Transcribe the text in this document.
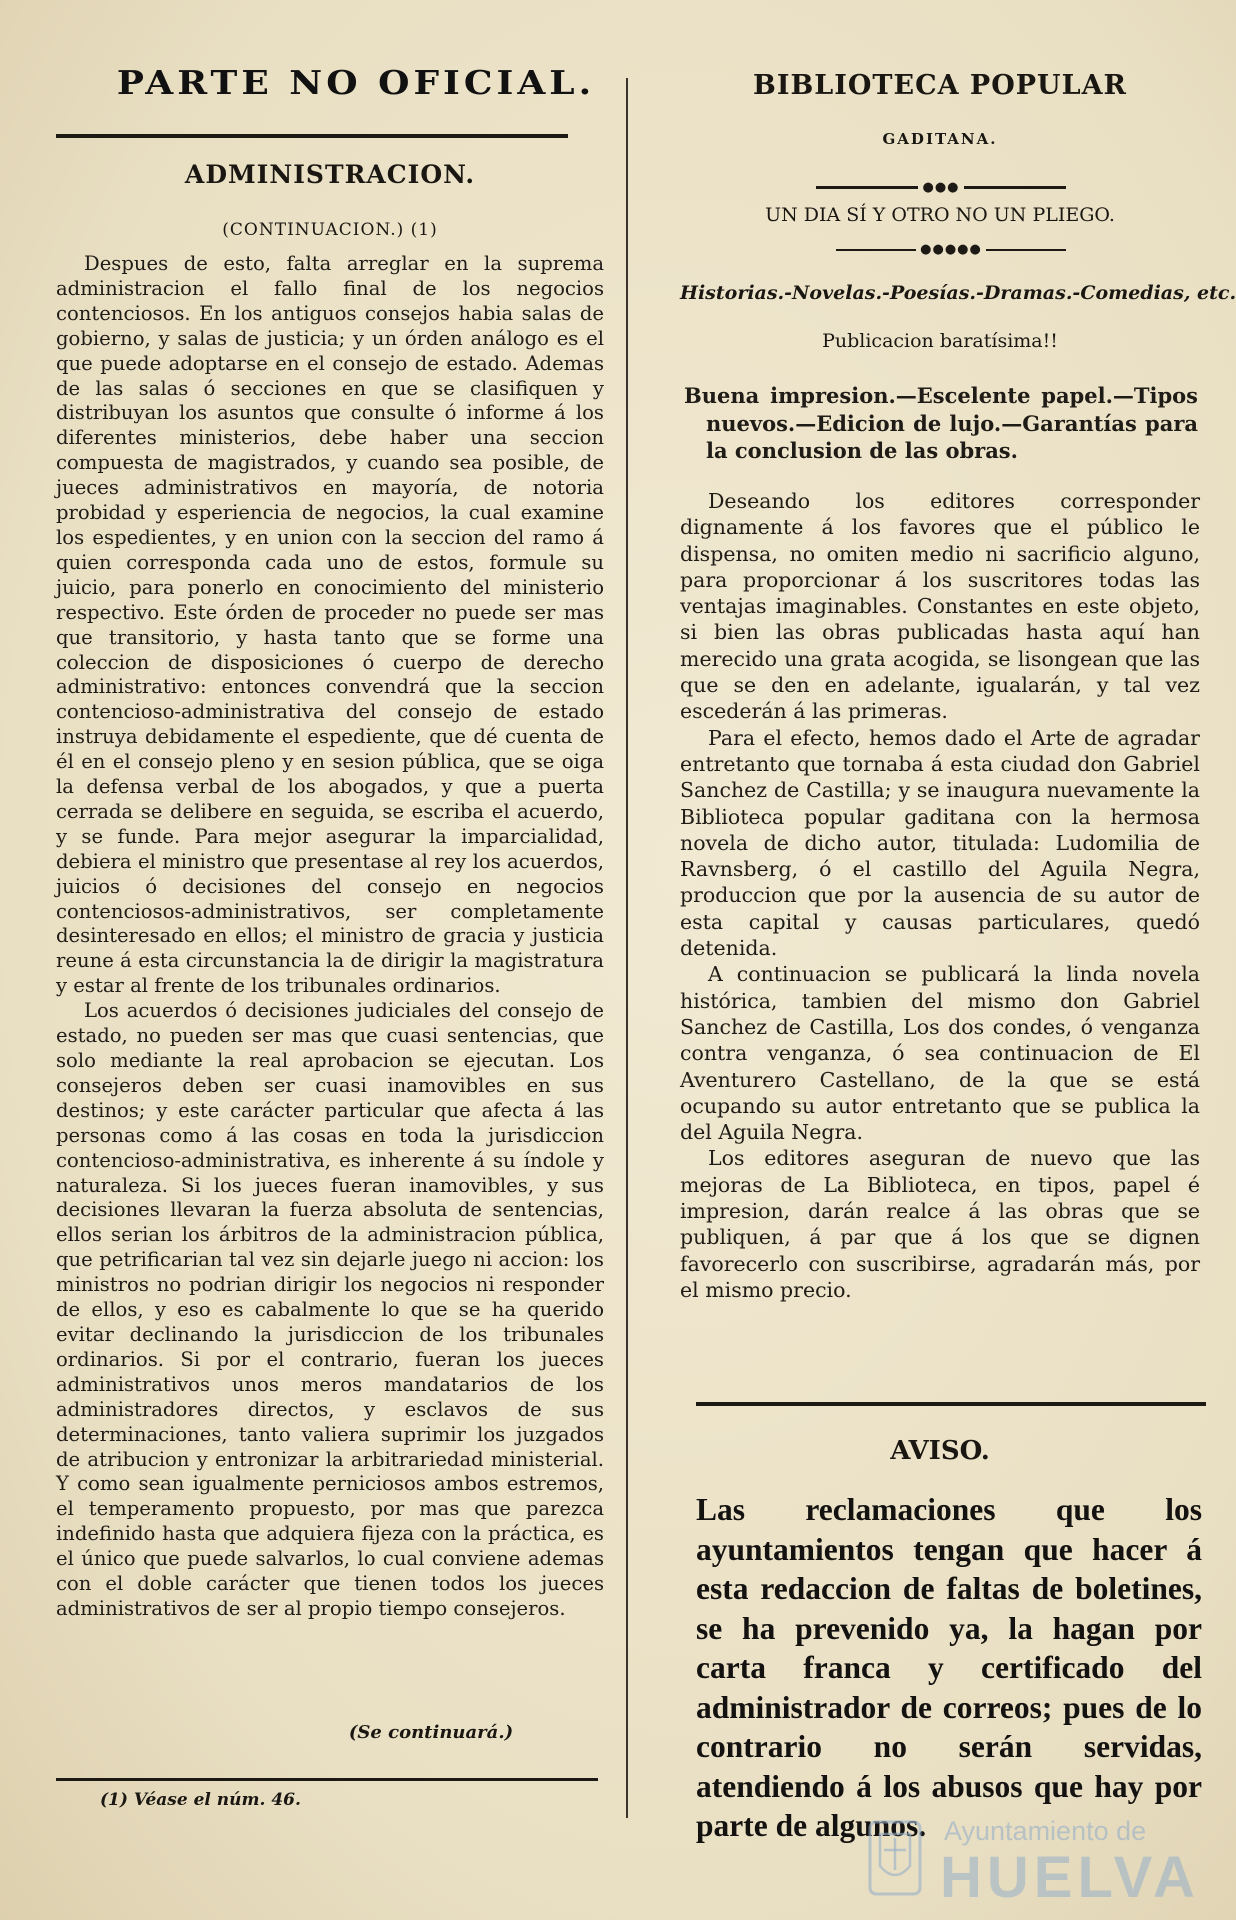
PARTE NO OFICIAL.
ADMINISTRACION.
(CONTINUACION.) (1)

Despues de esto, falta arreglar en la suprema administracion el fallo final de los negocios contenciosos. En los antiguos consejos habia salas de gobierno, y salas de justicia; y un órden análogo es el que puede adoptarse en el consejo de estado. Ademas de las salas ó secciones en que se clasifiquen y distribuyan los asuntos que consulte ó informe á los diferentes ministerios, debe haber una seccion compuesta de magistrados, y cuando sea posible, de jueces administrativos en mayoría, de notoria probidad y esperiencia de negocios, la cual examine los espedientes, y en union con la seccion del ramo á quien corresponda cada uno de estos, formule su juicio, para ponerlo en conocimiento del ministerio respectivo. Este órden de proceder no puede ser mas que transitorio, y hasta tanto que se forme una coleccion de disposiciones ó cuerpo de derecho administrativo: entonces convendrá que la seccion contencioso-administrativa del consejo de estado instruya debidamente el espediente, que dé cuenta de él en el consejo pleno y en sesion pública, que se oiga la defensa verbal de los abogados, y que a puerta cerrada se delibere en seguida, se escriba el acuerdo, y se funde. Para mejor asegurar la imparcialidad, debiera el ministro que presentase al rey los acuerdos, juicios ó decisiones del consejo en negocios contenciosos-administrativos, ser completamente desinteresado en ellos; el ministro de gracia y justicia reune á esta circunstancia la de dirigir la magistratura y estar al frente de los tribunales ordinarios.

Los acuerdos ó decisiones judiciales del consejo de estado, no pueden ser mas que cuasi sentencias, que solo mediante la real aprobacion se ejecutan. Los consejeros deben ser cuasi inamovibles en sus destinos; y este carácter particular que afecta á las personas como á las cosas en toda la jurisdiccion contencioso-administrativa, es inherente á su índole y naturaleza. Si los jueces fueran inamovibles, y sus decisiones llevaran la fuerza absoluta de sentencias, ellos serian los árbitros de la administracion pública, que petrificarian tal vez sin dejarle juego ni accion: los ministros no podrian dirigir los negocios ni responder de ellos, y eso es cabalmente lo que se ha querido evitar declinando la jurisdiccion de los tribunales ordinarios. Si por el contrario, fueran los jueces administrativos unos meros mandatarios de los administradores directos, y esclavos de sus determinaciones, tanto valiera suprimir los juzgados de atribucion y entronizar la arbitrariedad ministerial. Y como sean igualmente perniciosos ambos estremos, el temperamento propuesto, por mas que parezca indefinido hasta que adquiera fijeza con la práctica, es el único que puede salvarlos, lo cual conviene ademas con el doble carácter que tienen todos los jueces administrativos de ser al propio tiempo consejeros.

(Se continuará.)
(1) Véase el núm. 46.
BIBLIOTECA POPULAR
GADITANA.
●●●
UN DIA SÍ Y OTRO NO UN PLIEGO.
●●●●●
Historias.-Novelas.-Poesías.-Dramas.-Comedias, etc.
Publicacion baratísima!!
Buena impresion.—Escelente papel.—Tipos nuevos.—Edicion de lujo.—Garantías para la conclusion de las obras.

Deseando los editores corresponder dignamente á los favores que el público le dispensa, no omiten medio ni sacrificio alguno, para proporcionar á los suscritores todas las ventajas imaginables. Constantes en este objeto, si bien las obras publicadas hasta aquí han merecido una grata acogida, se lisongean que las que se den en adelante, igualarán, y tal vez escederán á las primeras.

Para el efecto, hemos dado el Arte de agradar entretanto que tornaba á esta ciudad don Gabriel Sanchez de Castilla; y se inaugura nuevamente la Biblioteca popular gaditana con la hermosa novela de dicho autor, titulada: Ludomilia de Ravnsberg, ó el castillo del Aguila Negra, produccion que por la ausencia de su autor de esta capital y causas particulares, quedó detenida.

A continuacion se publicará la linda novela histórica, tambien del mismo don Gabriel Sanchez de Castilla, Los dos condes, ó venganza contra venganza, ó sea continuacion de El Aventurero Castellano, de la que se está ocupando su autor entretanto que se publica la del Aguila Negra.

Los editores aseguran de nuevo que las mejoras de La Biblioteca, en tipos, papel é impresion, darán realce á las obras que se publiquen, á par que á los que se dignen favorecerlo con suscribirse, agradarán más, por el mismo precio.

AVISO.
Las reclamaciones que los ayuntamientos tengan que hacer á esta redaccion de faltas de boletines, se ha prevenido ya, la hagan por carta franca y certificado del administrador de correos; pues de lo contrario no serán servidas, atendiendo á los abusos que hay por parte de algunos. Ayuntamiento de
HUELVA
